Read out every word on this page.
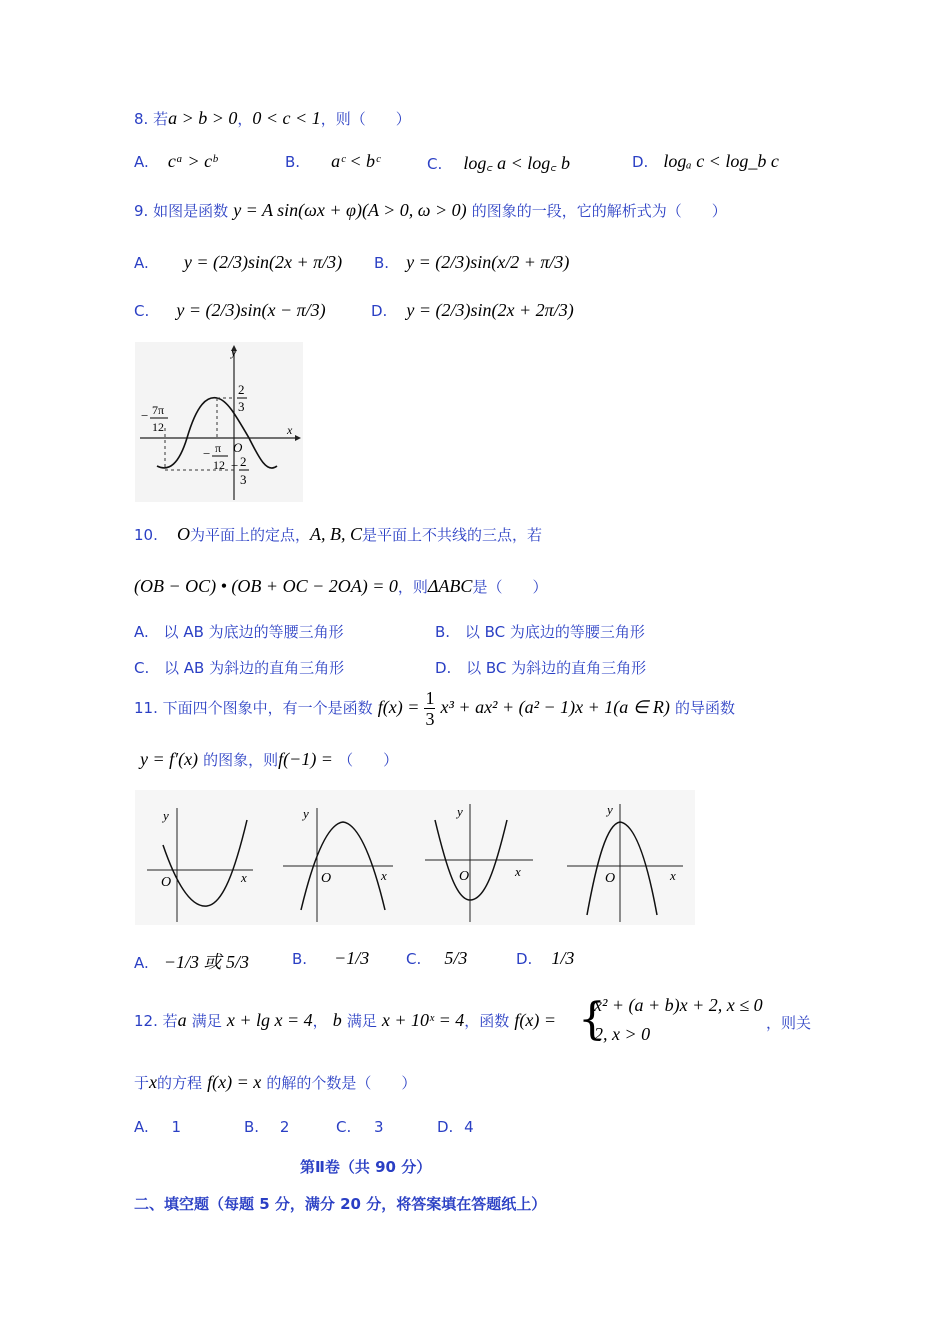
8. 若a > b > 0，0 < c < 1，则（　　）
A. cᵃ > cᵇ	B. aᶜ < bᶜ	C. log꜀ a < log꜀ b	D. logₐ c < log_b c
9. 如图是函数 y = A sin(ωx + φ)(A > 0, ω > 0) 的图象的一段，它的解析式为（　　）
A. y = (2/3)sin(2x + π/3) B. y = (2/3)sin(x/2 + π/3)
C. y = (2/3)sin(x − π/3)	D. y = (2/3)sin(2x + 2π/3)
y
x
O
2
3
− 2
3
− 7π
12
− π
12
10. O为平面上的定点，A, B, C是平面上不共线的三点，若
(OB − OC) • (OB + OC − 2OA) = 0，则ΔABC是（　　）
A. 以 AB 为底边的等腰三角形	B. 以 BC 为底边的等腰三角形
C. 以 AB 为斜边的直角三角形	D. 以 BC 为斜边的直角三角形
11. 下面四个图象中，有一个是函数 $f(x) = \frac{1}{3} x^3 + ax^2 + (a^2 - 1)x + 1(a$ ∈ R) 的导函数
y = f′(x) 的图象，则f(−1) = （　　）
y
x
O
y
x
O
y
x
O
y
x
O
A. −1/3 或 5/3	B. −1/3 C. 5/3	D. 1/3
12. 若a 满足 x + lg x = 4， b 满足 x + 10ˣ = 4，函数 f(x) = {
x² + (a + b)x + 2, x ≤ 0
2, x > 0
，则关
于x的方程 f(x) = x 的解的个数是（　　）
A. 1	B. 2	C. 3	D. 4
第Ⅱ卷（共 90 分）
二、填空题（每题 5 分，满分 20 分，将答案填在答题纸上）
